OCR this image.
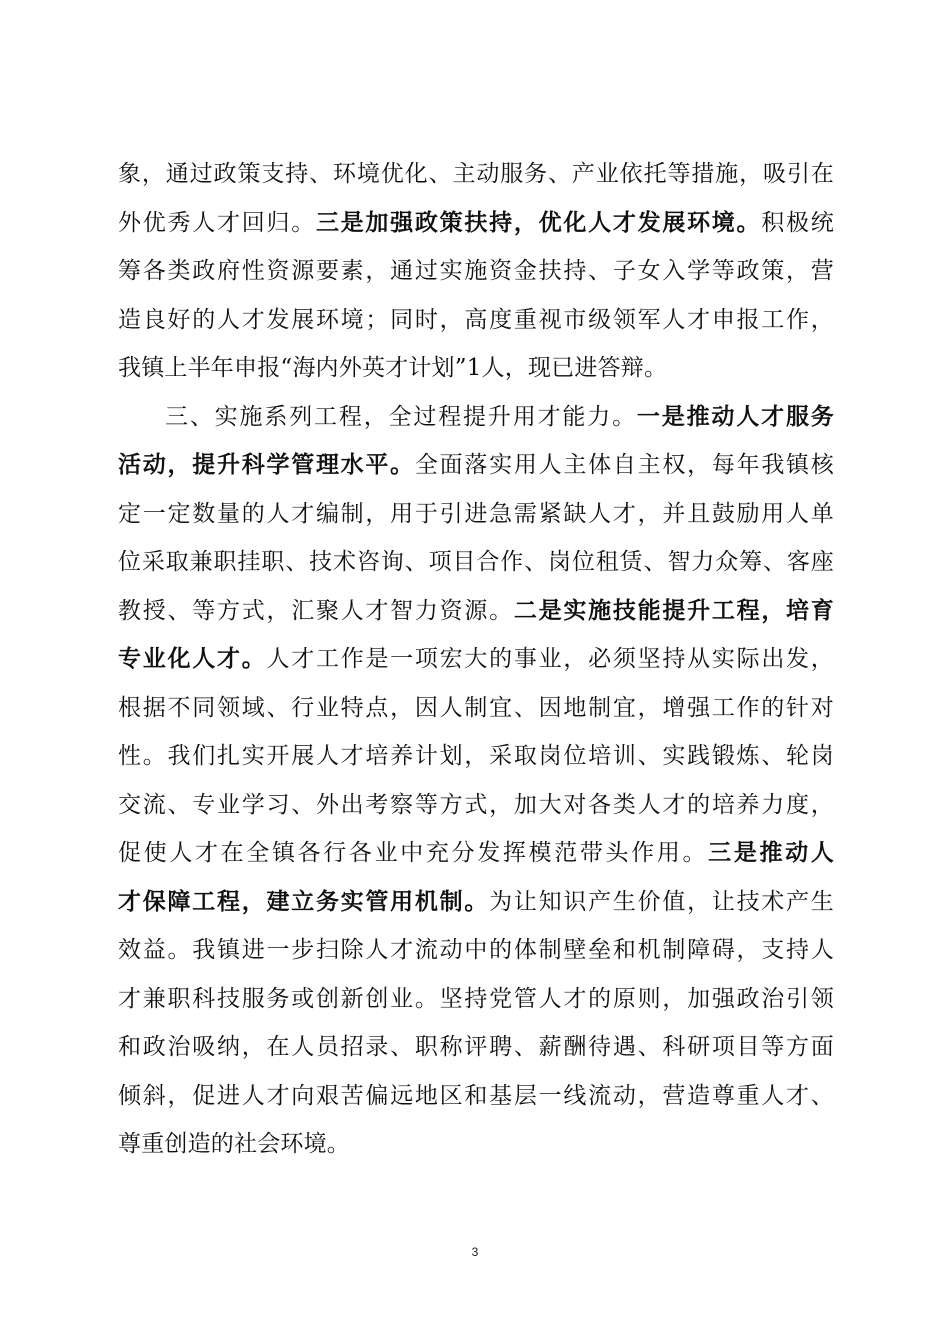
象，通过政策支持、环境优化、主动服务、产业依托等措施，吸引在
外优秀人才回归。三是加强政策扶持，优化人才发展环境。积极统
筹各类政府性资源要素，通过实施资金扶持、子女入学等政策，营
造良好的人才发展环境；同时，高度重视市级领军人才申报工作，
我镇上半年申报“海内外英才计划”1人，现已进答辩。
三、实施系列工程，全过程提升用才能力。一是推动人才服务
活动，提升科学管理水平。全面落实用人主体自主权，每年我镇核
定一定数量的人才编制，用于引进急需紧缺人才，并且鼓励用人单
位采取兼职挂职、技术咨询、项目合作、岗位租赁、智力众筹、客座
教授、等方式，汇聚人才智力资源。二是实施技能提升工程，培育
专业化人才。人才工作是一项宏大的事业，必须坚持从实际出发，
根据不同领域、行业特点，因人制宜、因地制宜，增强工作的针对
性。我们扎实开展人才培养计划，采取岗位培训、实践锻炼、轮岗
交流、专业学习、外出考察等方式，加大对各类人才的培养力度，
促使人才在全镇各行各业中充分发挥模范带头作用。三是推动人
才保障工程，建立务实管用机制。为让知识产生价值，让技术产生
效益。我镇进一步扫除人才流动中的体制壁垒和机制障碍，支持人
才兼职科技服务或创新创业。坚持党管人才的原则，加强政治引领
和政治吸纳，在人员招录、职称评聘、薪酬待遇、科研项目等方面
倾斜，促进人才向艰苦偏远地区和基层一线流动，营造尊重人才、
尊重创造的社会环境。
3
